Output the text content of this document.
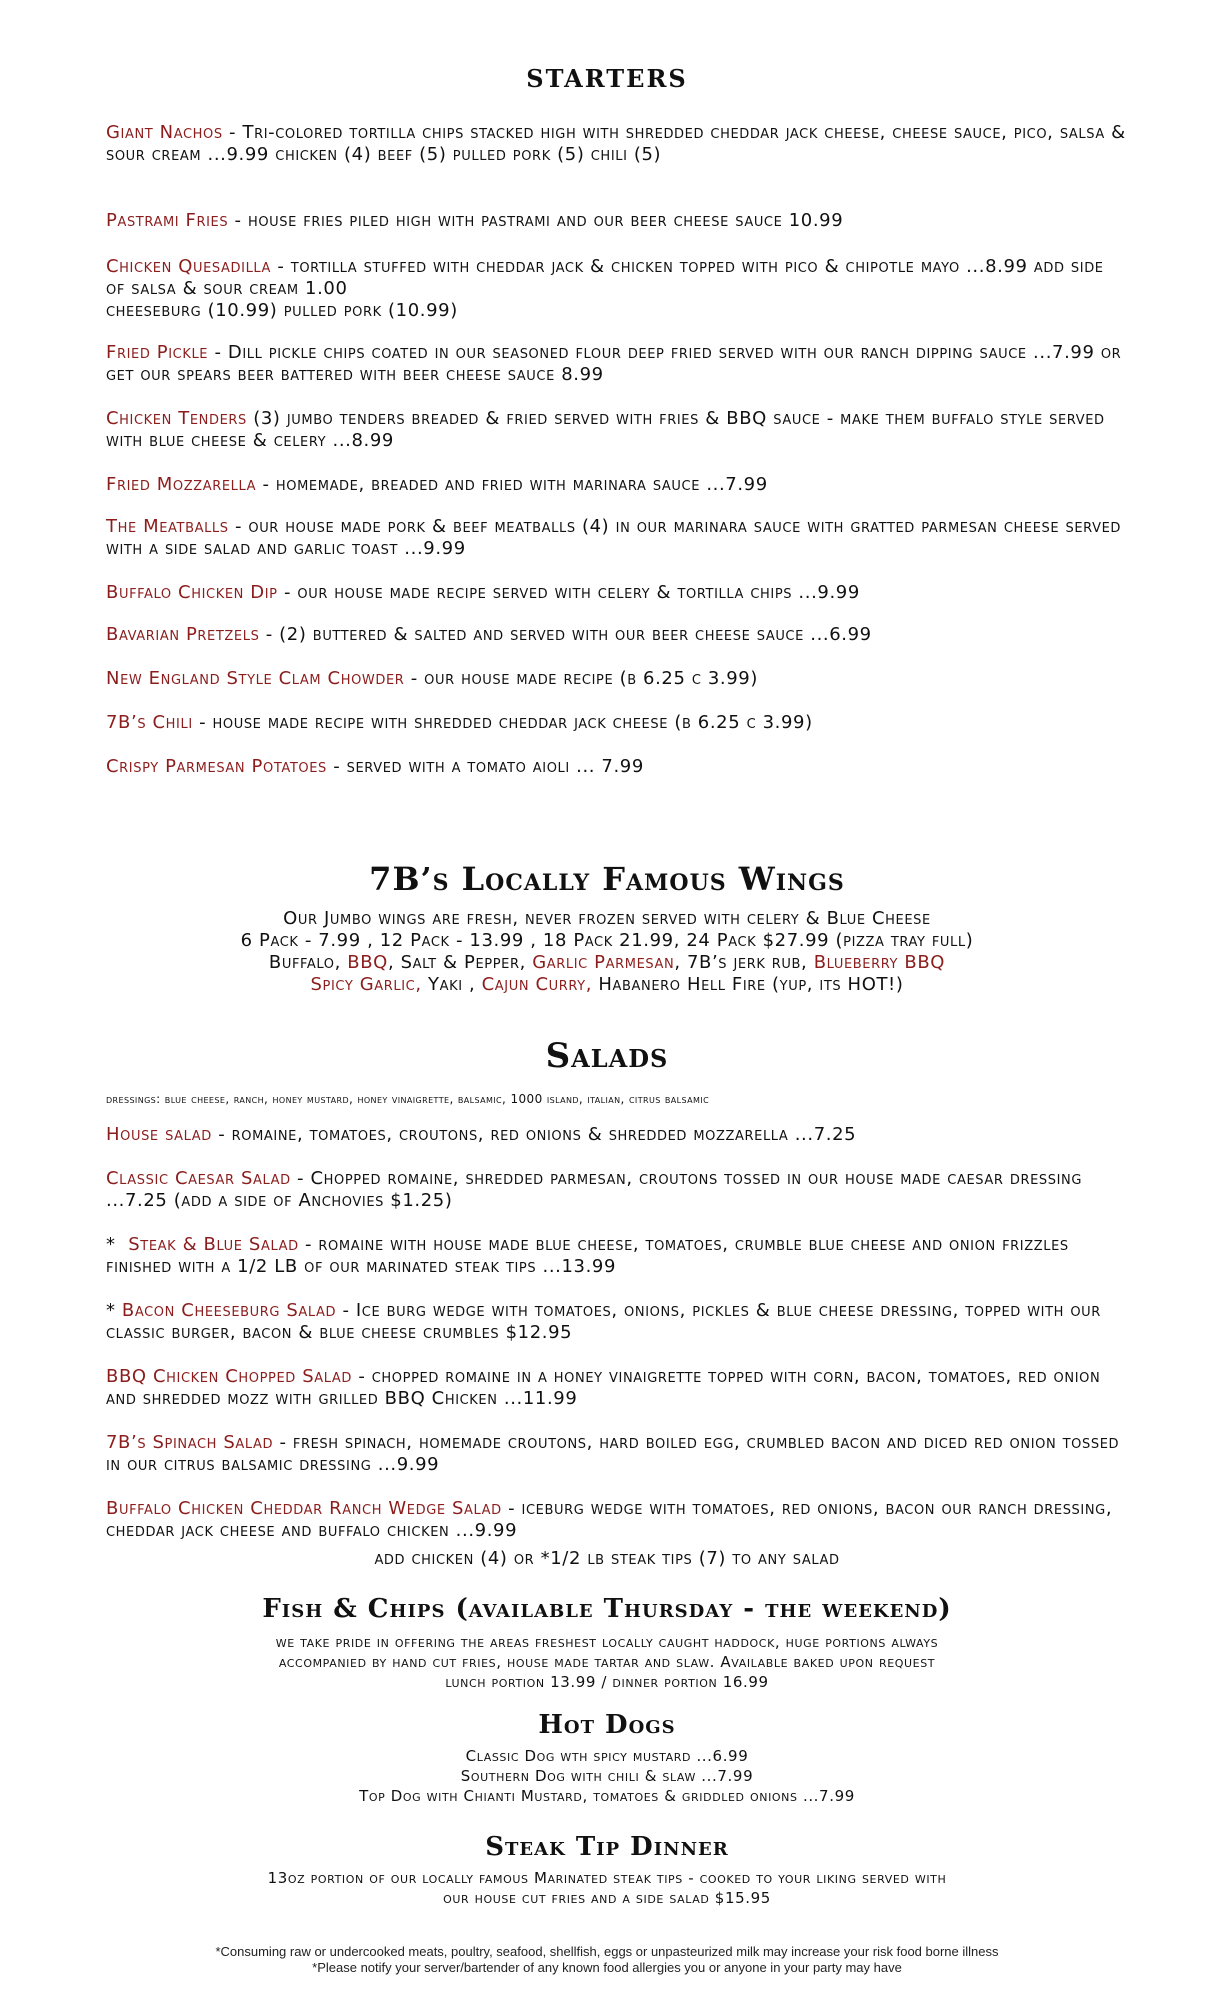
starters
Giant Nachos - Tri-colored tortilla chips stacked high with shredded cheddar jack cheese, cheese sauce, pico, salsa & sour cream ...9.99 chicken (4) beef (5) pulled pork (5) chili (5)
Pastrami Fries - house fries piled high with pastrami and our beer cheese sauce 10.99
Chicken Quesadilla - tortilla stuffed with cheddar jack & chicken topped with pico & chipotle mayo ...8.99 add side of salsa & sour cream 1.00
cheeseburg (10.99) pulled pork (10.99)
Fried Pickle - Dill pickle chips coated in our seasoned flour deep fried served with our ranch dipping sauce ...7.99 or get our spears beer battered with beer cheese sauce 8.99
Chicken Tenders (3) jumbo tenders breaded & fried served with fries & BBQ sauce - make them buffalo style served with blue cheese & celery ...8.99
Fried Mozzarella - homemade, breaded and fried with marinara sauce ...7.99
The Meatballs - our house made pork & beef meatballs (4) in our marinara sauce with gratted parmesan cheese served with a side salad and garlic toast ...9.99
Buffalo Chicken Dip - our house made recipe served with celery & tortilla chips ...9.99
Bavarian Pretzels - (2) buttered & salted and served with our beer cheese sauce ...6.99
New England Style Clam Chowder - our house made recipe (b 6.25 c 3.99)
7B’s Chili - house made recipe with shredded cheddar jack cheese (b 6.25 c 3.99)
Crispy Parmesan Potatoes - served with a tomato aioli ... 7.99
7B’s Locally Famous Wings
Our Jumbo wings are fresh, never frozen served with celery & Blue Cheese
6 Pack - 7.99 , 12 Pack - 13.99 , 18 Pack 21.99, 24 Pack $27.99 (pizza tray full)
Buffalo, BBQ, Salt & Pepper, Garlic Parmesan, 7B’s jerk rub, Blueberry BBQ
Spicy Garlic, Yaki , Cajun Curry, Habanero Hell Fire (yup, its HOT!)
Salads
dressings: blue cheese, ranch, honey mustard, honey vinaigrette, balsamic, 1000 island, italian, citrus balsamic
House salad - romaine, tomatoes, croutons, red onions & shredded mozzarella ...7.25
Classic Caesar Salad - Chopped romaine, shredded parmesan, croutons tossed in our house made caesar dressing ...7.25 (add a side of Anchovies $1.25)
*  Steak & Blue Salad - romaine with house made blue cheese, tomatoes, crumble blue cheese and onion frizzles finished with a 1/2 LB of our marinated steak tips ...13.99
* Bacon Cheeseburg Salad - Ice burg wedge with tomatoes, onions, pickles & blue cheese dressing, topped with our classic burger, bacon & blue cheese crumbles $12.95
BBQ Chicken Chopped Salad - chopped romaine in a honey vinaigrette topped with corn, bacon, tomatoes, red onion and shredded mozz with grilled BBQ Chicken ...11.99
7B’s Spinach Salad - fresh spinach, homemade croutons, hard boiled egg, crumbled bacon and diced red onion tossed in our citrus balsamic dressing ...9.99
Buffalo Chicken Cheddar Ranch Wedge Salad - iceburg wedge with tomatoes, red onions, bacon our ranch dressing, cheddar jack cheese and buffalo chicken ...9.99
add chicken (4) or *1/2 lb steak tips (7) to any salad
Fish & Chips (available Thursday - the weekend)
we take pride in offering the areas freshest locally caught haddock, huge portions always
accompanied by hand cut fries, house made tartar and slaw. Available baked upon request
lunch portion 13.99 / dinner portion 16.99
Hot Dogs
Classic Dog wth spicy mustard ...6.99
Southern Dog with chili & slaw ...7.99
Top Dog with Chianti Mustard, tomatoes & griddled onions ...7.99
Steak Tip Dinner
13oz portion of our locally famous Marinated steak tips - cooked to your liking served with
our house cut fries and a side salad $15.95
*Consuming raw or undercooked meats, poultry, seafood, shellfish, eggs or unpasteurized milk may increase your risk food borne illness
*Please notify your server/bartender of any known food allergies you or anyone in your party may have
